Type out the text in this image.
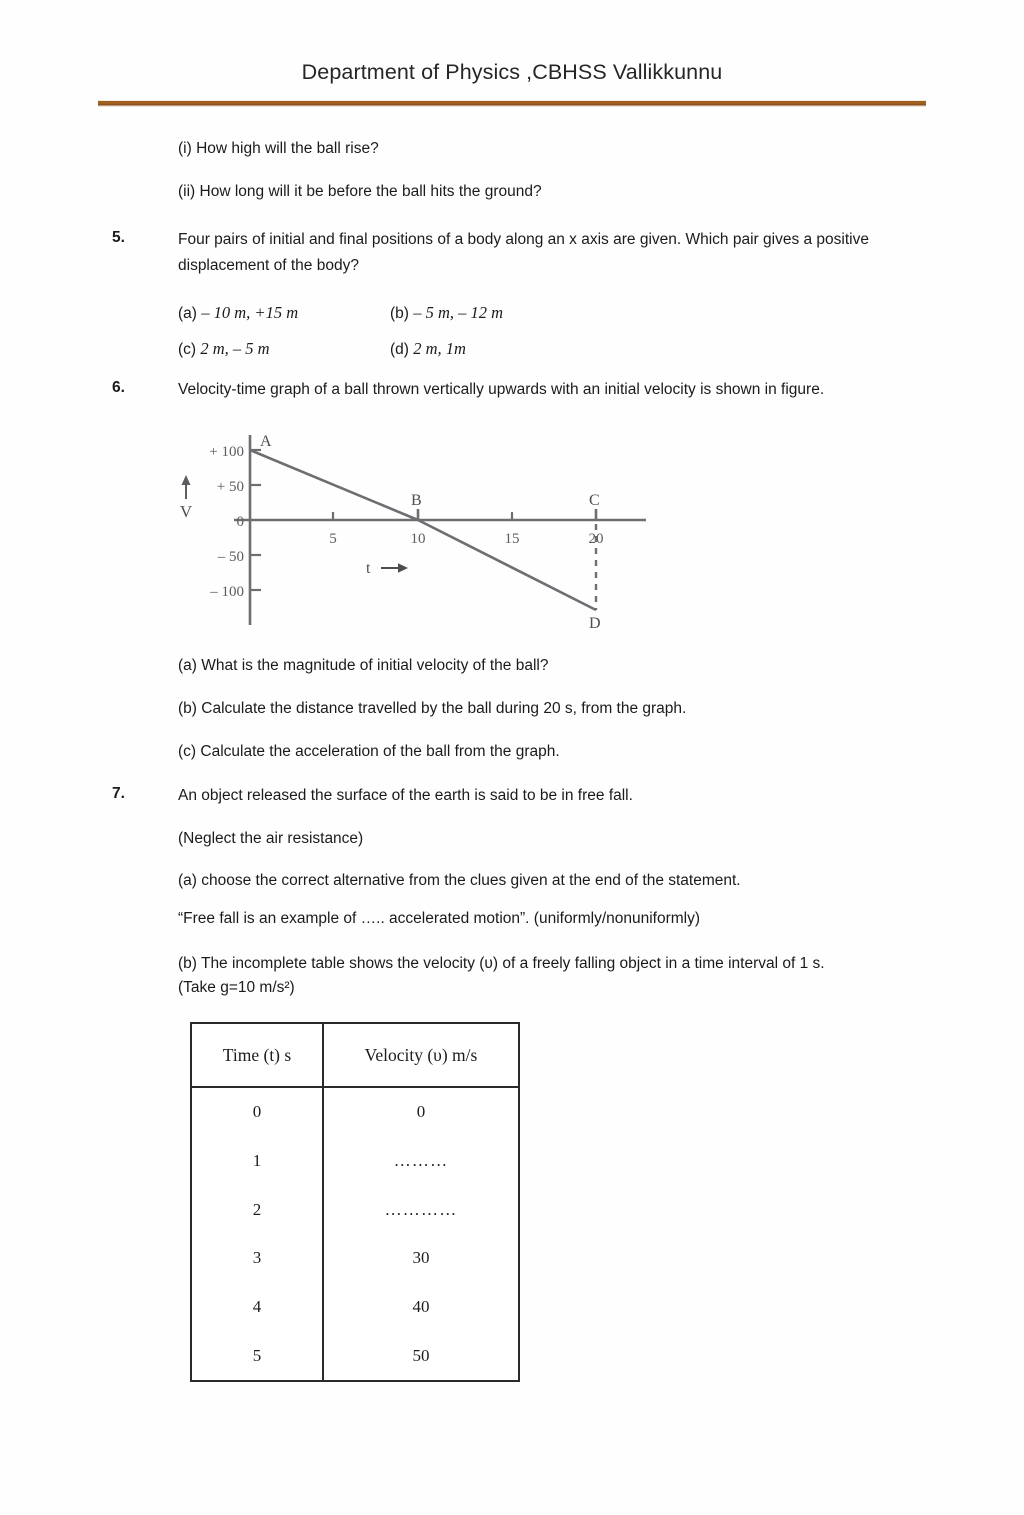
Department of Physics ,CBHSS Vallikkunnu
(i) How high will the ball rise?
(ii) How long will it be before the ball hits the ground?
5.	Four pairs of initial and final positions of a body along an x axis are given. Which pair gives a positive
displacement of the body?
(a) – 10 m, +15 m	(b) – 5 m, – 12 m
(c) 2 m, – 5 m	(d) 2 m, 1m
6.	Velocity-time graph of a ball thrown vertically upwards with an initial velocity is shown in figure.
+ 100
+ 50
0
– 50
– 100
5	10	15	20
A
B	C
D
V
t
(a) What is the magnitude of initial velocity of the ball?
(b) Calculate the distance travelled by the ball during 20 s, from the graph.
(c) Calculate the acceleration of the ball from the graph.
7.	An object released the surface of the earth is said to be in free fall.
(Neglect the air resistance)
(a) choose the correct alternative from the clues given at the end of the statement.
“Free fall is an example of ….. accelerated motion”. (uniformly/nonuniformly)
(b) The incomplete table shows the velocity (υ) of a freely falling object in a time interval of 1 s.
(Take g=10 m/s²)
Time (t) s	Velocity (υ) m/s
0	0
1	………
2	…………
3	30
4	40
5	50
